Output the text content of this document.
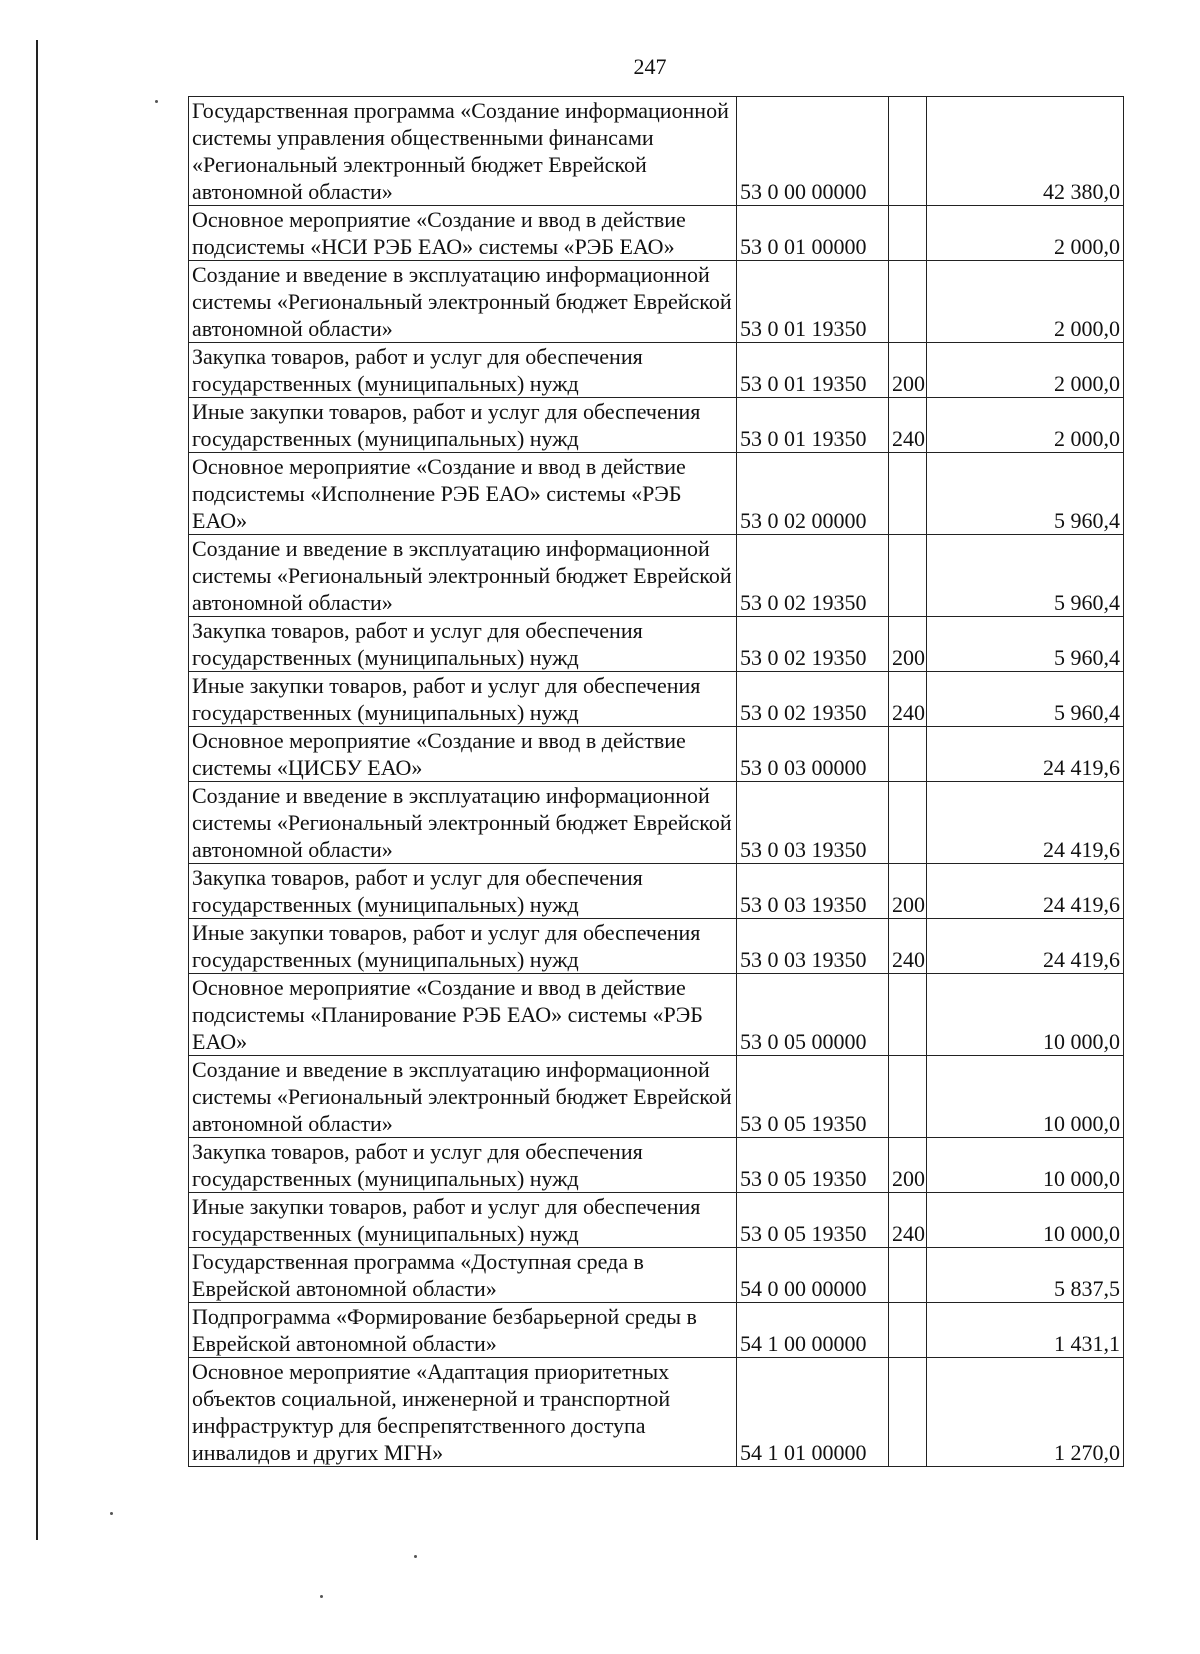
247
Государственная программа «Создание информационной системы управления общественными финансами «Региональный электронный бюджет Еврейской автономной области»	53 0 00 00000		42 380,0
Основное мероприятие «Создание и ввод в действие подсистемы «НСИ РЭБ ЕАО» системы «РЭБ ЕАО»	53 0 01 00000		2 000,0
Создание и введение в эксплуатацию информационной системы «Региональный электронный бюджет Еврейской автономной области»	53 0 01 19350		2 000,0
Закупка товаров, работ и услуг для обеспечения государственных (муниципальных) нужд	53 0 01 19350	200	2 000,0
Иные закупки товаров, работ и услуг для обеспечения государственных (муниципальных) нужд	53 0 01 19350	240	2 000,0
Основное мероприятие «Создание и ввод в действие подсистемы «Исполнение РЭБ ЕАО» системы «РЭБ ЕАО»	53 0 02 00000		5 960,4
Создание и введение в эксплуатацию информационной системы «Региональный электронный бюджет Еврейской автономной области»	53 0 02 19350		5 960,4
Закупка товаров, работ и услуг для обеспечения государственных (муниципальных) нужд	53 0 02 19350	200	5 960,4
Иные закупки товаров, работ и услуг для обеспечения государственных (муниципальных) нужд	53 0 02 19350	240	5 960,4
Основное мероприятие «Создание и ввод в действие системы «ЦИСБУ ЕАО»	53 0 03 00000		24 419,6
Создание и введение в эксплуатацию информационной системы «Региональный электронный бюджет Еврейской автономной области»	53 0 03 19350		24 419,6
Закупка товаров, работ и услуг для обеспечения государственных (муниципальных) нужд	53 0 03 19350	200	24 419,6
Иные закупки товаров, работ и услуг для обеспечения государственных (муниципальных) нужд	53 0 03 19350	240	24 419,6
Основное мероприятие «Создание и ввод в действие подсистемы «Планирование РЭБ ЕАО» системы «РЭБ ЕАО»	53 0 05 00000		10 000,0
Создание и введение в эксплуатацию информационной системы «Региональный электронный бюджет Еврейской автономной области»	53 0 05 19350		10 000,0
Закупка товаров, работ и услуг для обеспечения государственных (муниципальных) нужд	53 0 05 19350	200	10 000,0
Иные закупки товаров, работ и услуг для обеспечения государственных (муниципальных) нужд	53 0 05 19350	240	10 000,0
Государственная программа «Доступная среда в Еврейской автономной области»	54 0 00 00000		5 837,5
Подпрограмма «Формирование безбарьерной среды в Еврейской автономной области»	54 1 00 00000		1 431,1
Основное мероприятие «Адаптация приоритетных объектов социальной, инженерной и транспортной инфраструктур для беспрепятственного доступа инвалидов и других МГН»	54 1 01 00000		1 270,0
